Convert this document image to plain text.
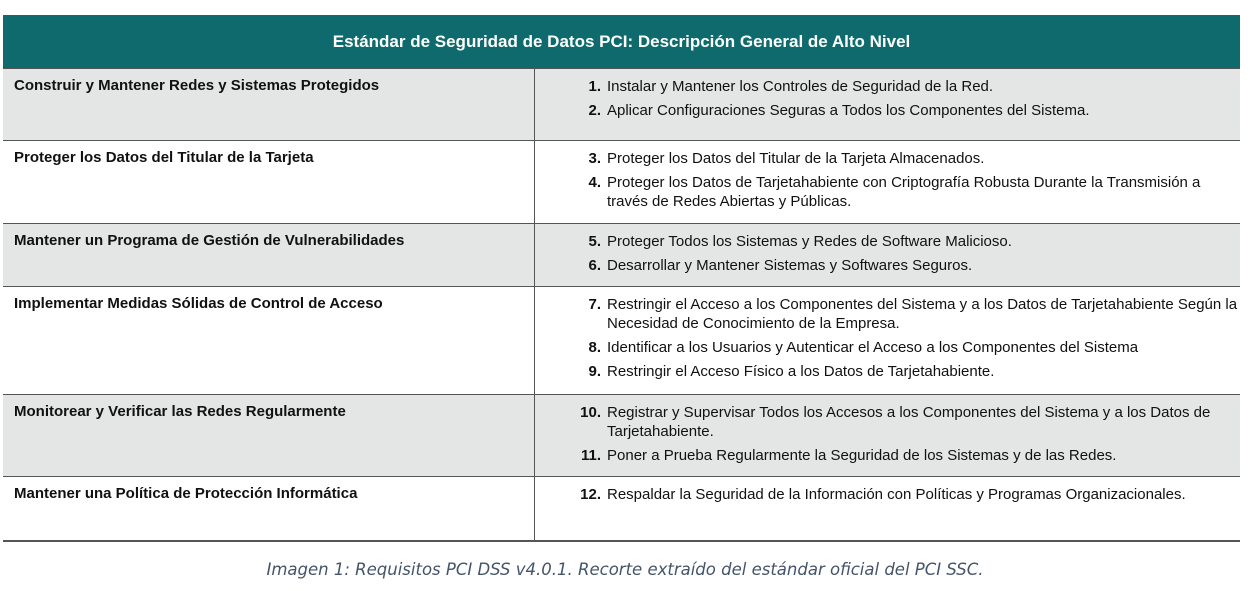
Estándar de Seguridad de Datos PCI: Descripción General de Alto Nivel
Construir y Mantener Redes y Sistemas Protegidos	1. Instalar y Mantener los Controles de Seguridad de la Red.
2. Aplicar Configuraciones Seguras a Todos los Componentes del Sistema.
Proteger los Datos del Titular de la Tarjeta	3. Proteger los Datos del Titular de la Tarjeta Almacenados.
4. Proteger los Datos de Tarjetahabiente con Criptografía Robusta Durante la Transmisión a través de Redes Abiertas y Públicas.
Mantener un Programa de Gestión de Vulnerabilidades	5. Proteger Todos los Sistemas y Redes de Software Malicioso.
6. Desarrollar y Mantener Sistemas y Softwares Seguros.
Implementar Medidas Sólidas de Control de Acceso	7. Restringir el Acceso a los Componentes del Sistema y a los Datos de Tarjetahabiente Según la Necesidad de Conocimiento de la Empresa.
8. Identificar a los Usuarios y Autenticar el Acceso a los Componentes del Sistema
9. Restringir el Acceso Físico a los Datos de Tarjetahabiente.
Monitorear y Verificar las Redes Regularmente	10. Registrar y Supervisar Todos los Accesos a los Componentes del Sistema y a los Datos de Tarjetahabiente.
11. Poner a Prueba Regularmente la Seguridad de los Sistemas y de las Redes.
Mantener una Política de Protección Informática	12. Respaldar la Seguridad de la Información con Políticas y Programas Organizacionales.
Imagen 1: Requisitos PCI DSS v4.0.1. Recorte extraído del estándar oficial del PCI SSC.
